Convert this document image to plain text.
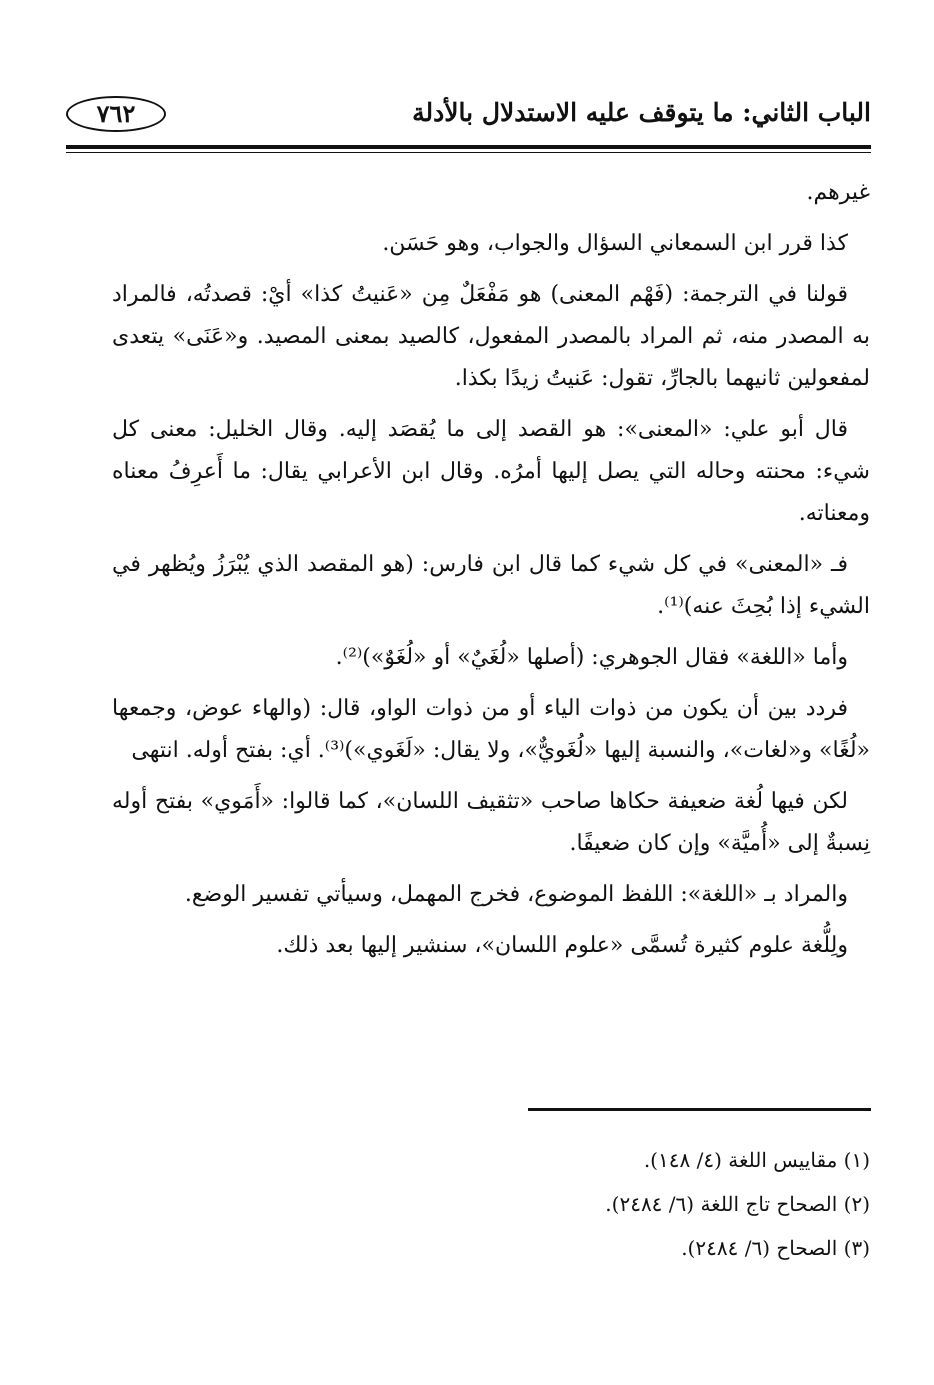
الباب الثاني: ما يتوقف عليه الاستدلال بالأدلة
٧٦٢

غيرهم.

كذا قرر ابن السمعاني السؤال والجواب، وهو حَسَن.

قولنا في الترجمة: (فَهْم المعنى) هو مَفْعَلٌ مِن «عَنيتُ كذا» أيْ: قصدتُه، فالمراد به المصدر منه، ثم المراد بالمصدر المفعول، كالصيد بمعنى المصيد. و«عَنَى» يتعدى لمفعولين ثانيهما بالجارِّ، تقول: عَنيتُ زيدًا بكذا.

قال أبو علي: «المعنى»: هو القصد إلى ما يُقصَد إليه. وقال الخليل: معنى كل شيء: محنته وحاله التي يصل إليها أمرُه. وقال ابن الأعرابي يقال: ما أَعرِفُ معناه ومعناته.

فـ «المعنى» في كل شيء كما قال ابن فارس: (هو المقصد الذي يُبْرَزُ ويُظهر في الشيء إذا بُحِثَ عنه)⁽¹⁾.

وأما «اللغة» فقال الجوهري: (أصلها «لُغَيٌ» أو «لُغَوٌ»)⁽²⁾.

فردد بين أن يكون من ذوات الياء أو من ذوات الواو، قال: (والهاء عوض، وجمعها «لُغًا» و«لغات»، والنسبة إليها «لُغَويٌّ»، ولا يقال: «لَغَوي»)⁽³⁾. أي: بفتح أوله. انتهى

لكن فيها لُغة ضعيفة حكاها صاحب «تثقيف اللسان»، كما قالوا: «أَمَوي» بفتح أوله نِسبةٌ إلى «أُميَّة» وإن كان ضعيفًا.

والمراد بـ «اللغة»: اللفظ الموضوع، فخرج المهمل، وسيأتي تفسير الوضع.

ولِلُّغة علوم كثيرة تُسمَّى «علوم اللسان»، سنشير إليها بعد ذلك.

(١) مقاييس اللغة (٤/ ١٤٨).

(٢) الصحاح تاج اللغة (٦/ ٢٤٨٤).

(٣) الصحاح (٦/ ٢٤٨٤).
